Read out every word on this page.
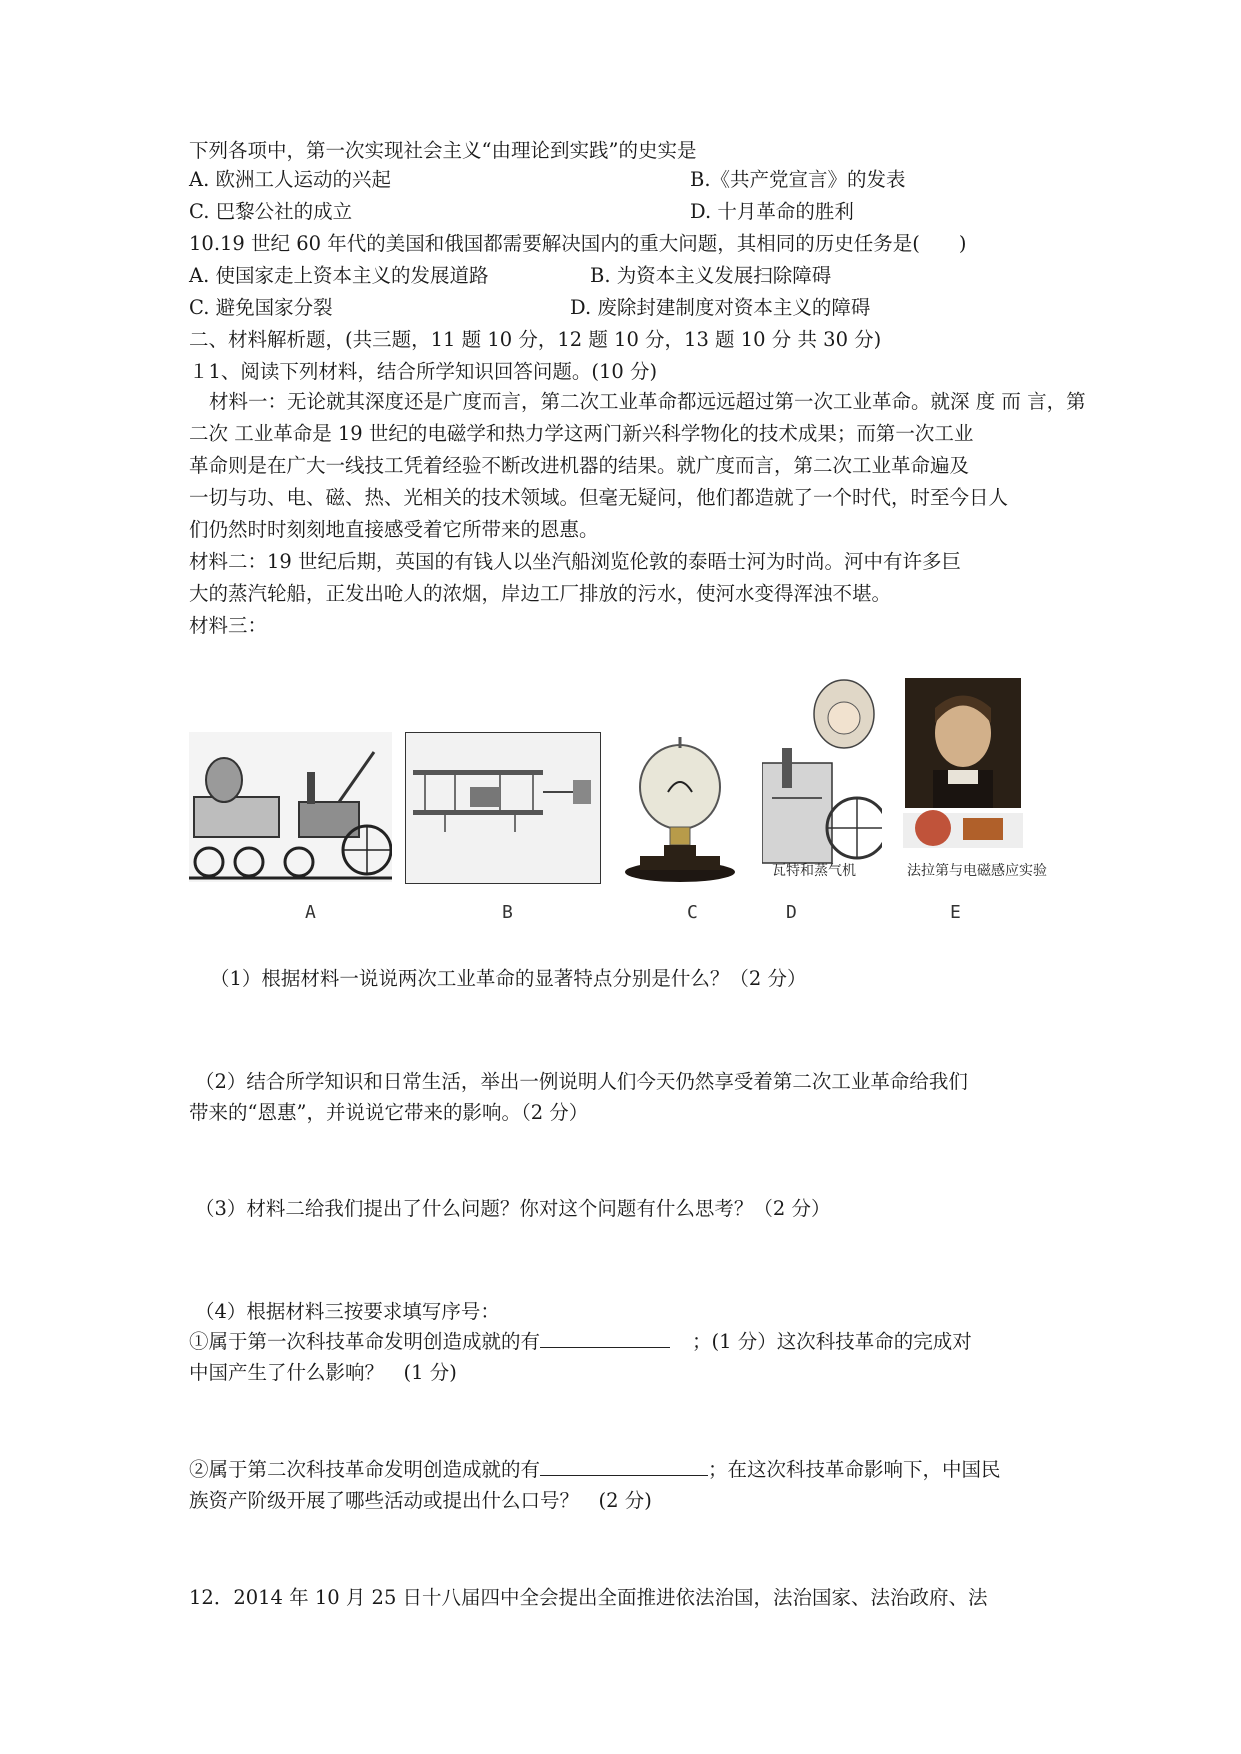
下列各项中，第一次实现社会主义“由理论到实践”的史实是
A. 欧洲工人运动的兴起	B.《共产党宣言》的发表
C. 巴黎公社的成立	D. 十月革命的胜利
10.19 世纪 60 年代的美国和俄国都需要解决国内的重大问题，其相同的历史任务是(　　)
A. 使国家走上资本主义的发展道路	B. 为资本主义发展扫除障碍
C. 避免国家分裂	D. 废除封建制度对资本主义的障碍
二、材料解析题，(共三题，11 题 10 分，12 题 10 分，13 题 10 分 共 30 分)
１1、阅读下列材料，结合所学知识回答问题。(10 分)
材料一：无论就其深度还是广度而言，第二次工业革命都远远超过第一次工业革命。就深 度 而 言，第
二次 工业革命是 19 世纪的电磁学和热力学这两门新兴科学物化的技术成果；而第一次工业
革命则是在广大一线技工凭着经验不断改进机器的结果。就广度而言，第二次工业革命遍及
一切与功、电、磁、热、光相关的技术领域。但毫无疑问，他们都造就了一个时代，时至今日人
们仍然时时刻刻地直接感受着它所带来的恩惠。
材料二：19 世纪后期，英国的有钱人以坐汽船浏览伦敦的泰晤士河为时尚。河中有许多巨
大的蒸汽轮船，正发出呛人的浓烟，岸边工厂排放的污水，使河水变得浑浊不堪。
材料三：
瓦特和蒸气机	法拉第与电磁感应实验
A	B	C	D	E
（1）根据材料一说说两次工业革命的显著特点分别是什么？（2 分）
（2）结合所学知识和日常生活，举出一例说明人们今天仍然享受着第二次工业革命给我们
带来的“恩惠”，并说说它带来的影响。（2 分）
（3）材料二给我们提出了什么问题？你对这个问题有什么思考？（2 分）
（4）根据材料三按要求填写序号：
①属于第一次科技革命发明创造成就的有	；(1 分）这次科技革命的完成对
中国产生了什么影响？　(1 分)
②属于第二次科技革命发明创造成就的有	；在这次科技革命影响下，中国民
族资产阶级开展了哪些活动或提出什么口号？　(2 分)
12．2014 年 10 月 25 日十八届四中全会提出全面推进依法治国，法治国家、法治政府、法
